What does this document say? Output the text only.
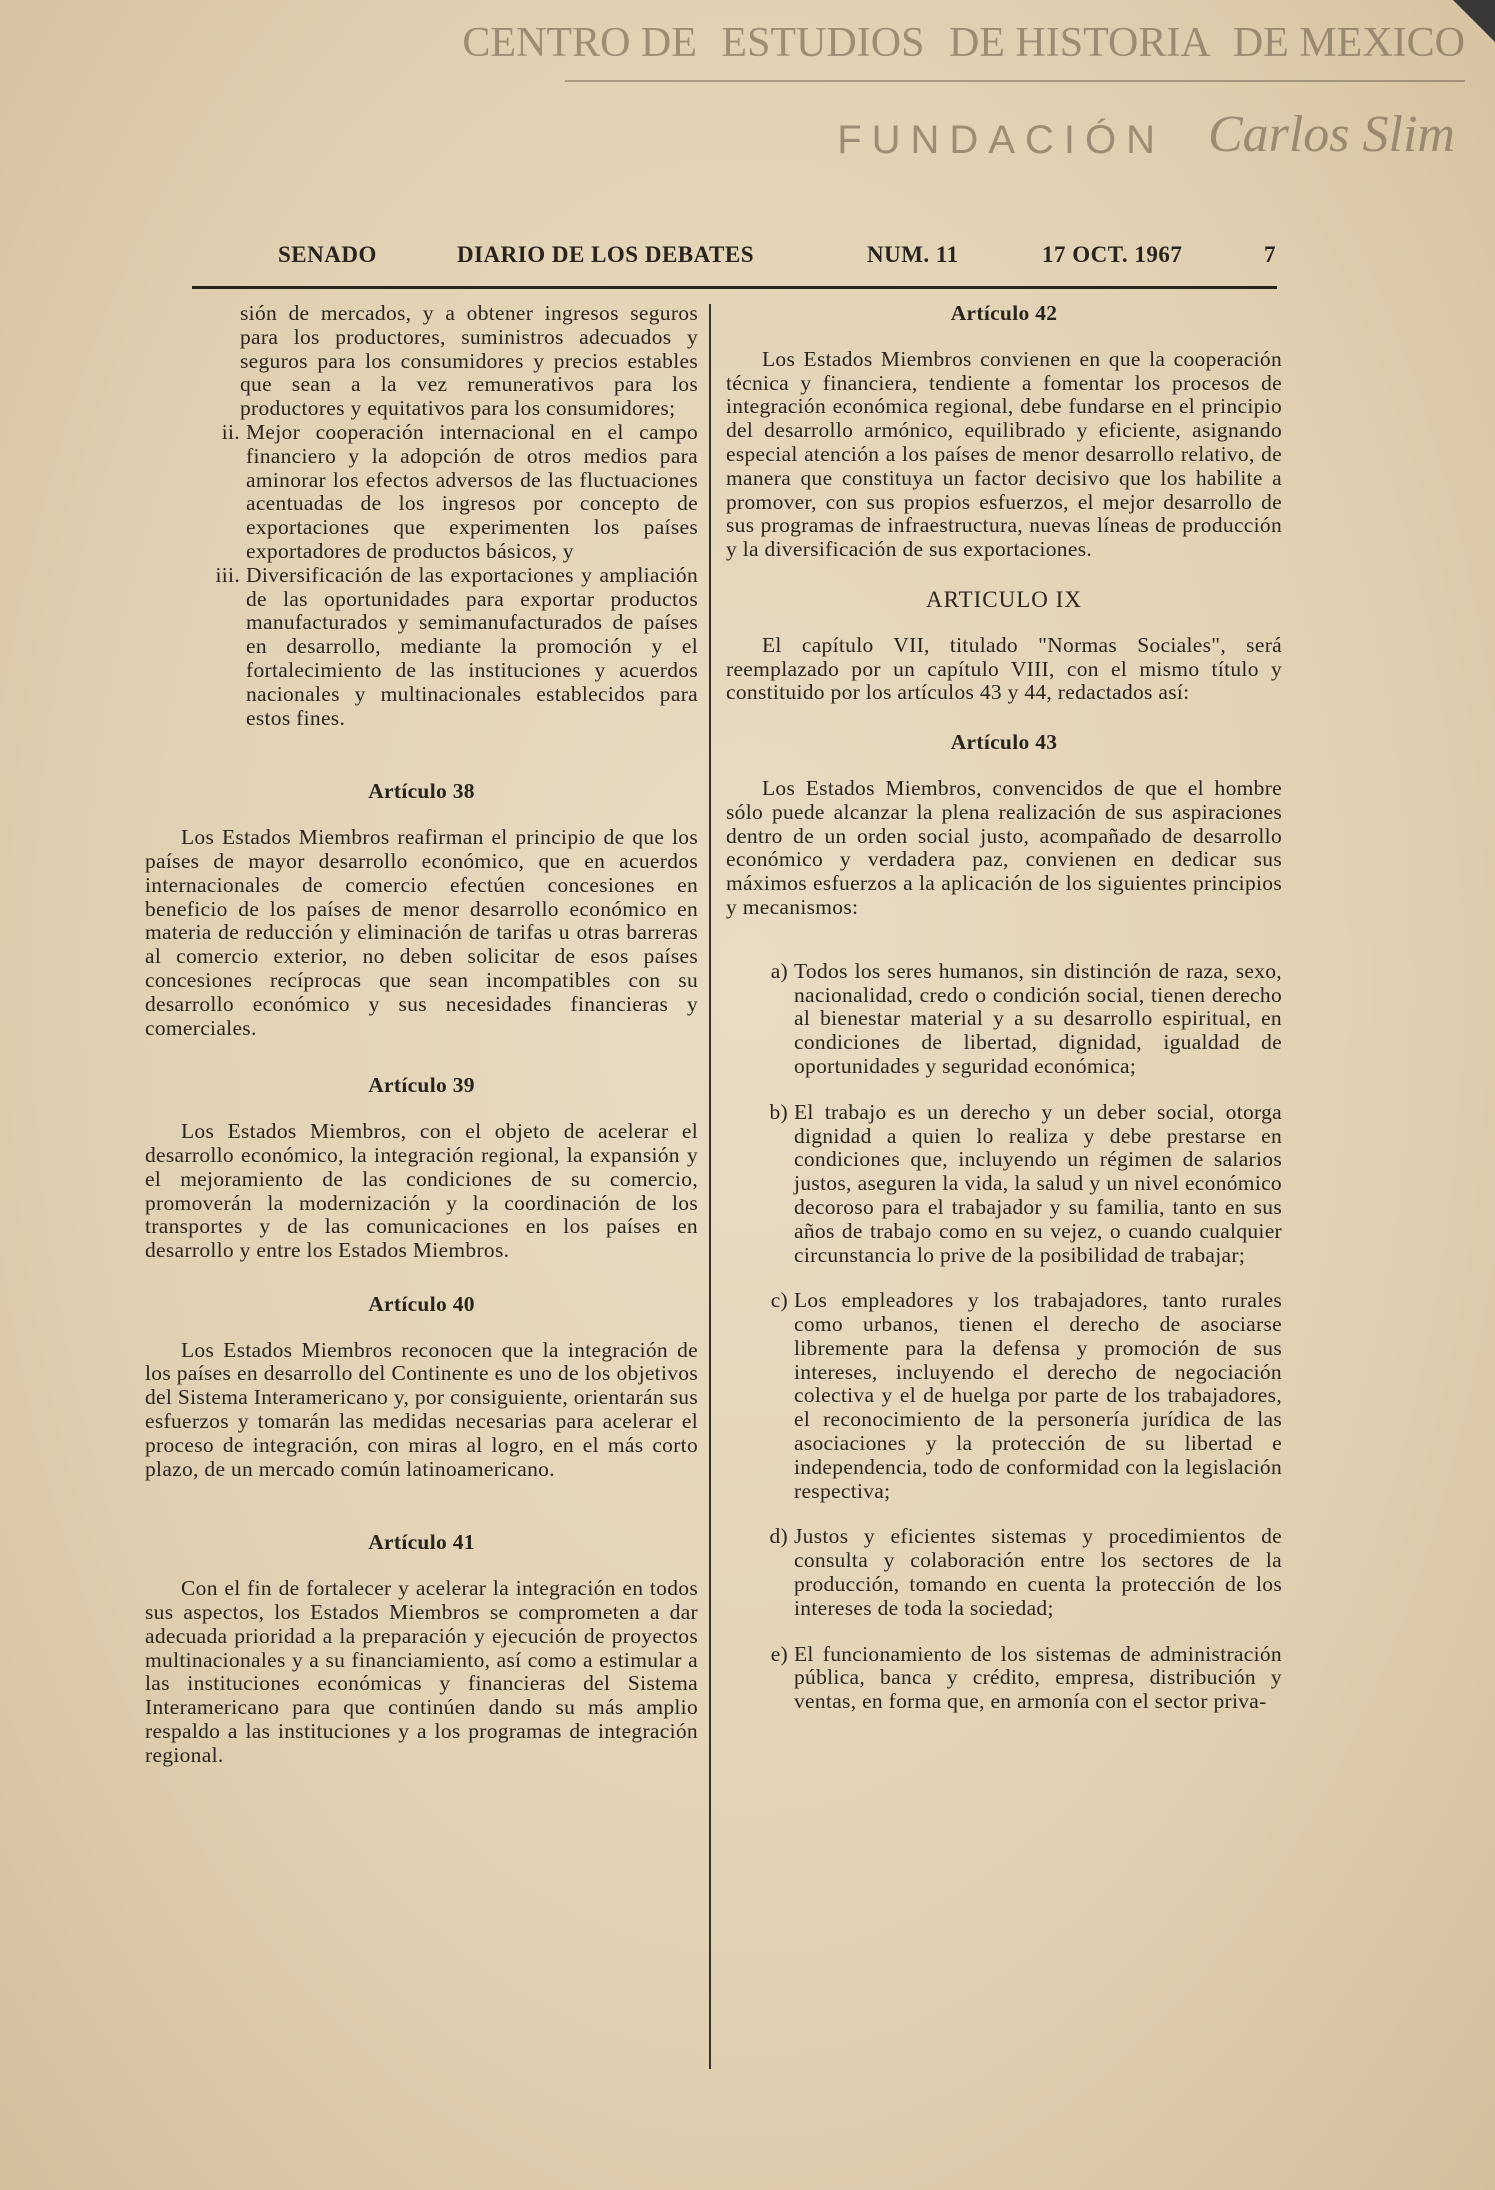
CENTRO DE ESTUDIOS DE HISTORIA DE MEXICO
FUNDACIÓN Carlos Slim
SENADO	DIARIO DE LOS DEBATES	NUM. 11	17 OCT. 1967	7
sión de mercados, y a obtener ingresos seguros para los productores, suministros adecuados y seguros para los consumidores y precios estables que sean a la vez remunerativos para los productores y equitativos para los consumidores;
ii. Mejor cooperación internacional en el campo financiero y la adopción de otros medios para aminorar los efectos adversos de las fluctuaciones acentuadas de los ingresos por concepto de exportaciones que experimenten los países exportadores de productos básicos, y
iii. Diversificación de las exportaciones y ampliación de las oportunidades para exportar productos manufacturados y semimanufacturados de países en desarrollo, mediante la promoción y el fortalecimiento de las instituciones y acuerdos nacionales y multinacionales establecidos para estos fines.
Artículo 38

Los Estados Miembros reafirman el principio de que los países de mayor desarrollo económico, que en acuerdos internacionales de comercio efectúen concesiones en beneficio de los países de menor desarrollo económico en materia de reducción y eliminación de tarifas u otras barreras al comercio exterior, no deben solicitar de esos países concesiones recíprocas que sean incompatibles con su desarrollo económico y sus necesidades financieras y comerciales.

Artículo 39

Los Estados Miembros, con el objeto de acelerar el desarrollo económico, la integración regional, la expansión y el mejoramiento de las condiciones de su comercio, promoverán la modernización y la coordinación de los transportes y de las comunicaciones en los países en desarrollo y entre los Estados Miembros.

Artículo 40

Los Estados Miembros reconocen que la integración de los países en desarrollo del Continente es uno de los objetivos del Sistema Interamericano y, por consiguiente, orientarán sus esfuerzos y tomarán las medidas necesarias para acelerar el proceso de integración, con miras al logro, en el más corto plazo, de un mercado común latinoamericano.

Artículo 41

Con el fin de fortalecer y acelerar la integración en todos sus aspectos, los Estados Miembros se comprometen a dar adecuada prioridad a la preparación y ejecución de proyectos multinacionales y a su financiamiento, así como a estimular a las instituciones económicas y financieras del Sistema Interamericano para que continúen dando su más amplio respaldo a las instituciones y a los programas de integración regional.

Artículo 42

Los Estados Miembros convienen en que la cooperación técnica y financiera, tendiente a fomentar los procesos de integración económica regional, debe fundarse en el principio del desarrollo armónico, equilibrado y eficiente, asignando especial atención a los países de menor desarrollo relativo, de manera que constituya un factor decisivo que los habilite a promover, con sus propios esfuerzos, el mejor desarrollo de sus programas de infraestructura, nuevas líneas de producción y la diversificación de sus exportaciones.

ARTICULO IX

El capítulo VII, titulado "Normas Sociales", será reemplazado por un capítulo VIII, con el mismo título y constituido por los artículos 43 y 44, redactados así:

Artículo 43

Los Estados Miembros, convencidos de que el hombre sólo puede alcanzar la plena realización de sus aspiraciones dentro de un orden social justo, acompañado de desarrollo económico y verdadera paz, convienen en dedicar sus máximos esfuerzos a la aplicación de los siguientes principios y mecanismos:

a) Todos los seres humanos, sin distinción de raza, sexo, nacionalidad, credo o condición social, tienen derecho al bienestar material y a su desarrollo espiritual, en condiciones de libertad, dignidad, igualdad de oportunidades y seguridad económica;
b) El trabajo es un derecho y un deber social, otorga dignidad a quien lo realiza y debe prestarse en condiciones que, incluyendo un régimen de salarios justos, aseguren la vida, la salud y un nivel económico decoroso para el trabajador y su familia, tanto en sus años de trabajo como en su vejez, o cuando cualquier circunstancia lo prive de la posibilidad de trabajar;
c) Los empleadores y los trabajadores, tanto rurales como urbanos, tienen el derecho de asociarse libremente para la defensa y promoción de sus intereses, incluyendo el derecho de negociación colectiva y el de huelga por parte de los trabajadores, el reconocimiento de la personería jurídica de las asociaciones y la protección de su libertad e independencia, todo de conformidad con la legislación respectiva;
d) Justos y eficientes sistemas y procedimientos de consulta y colaboración entre los sectores de la producción, tomando en cuenta la protección de los intereses de toda la sociedad;
e) El funcionamiento de los sistemas de administración pública, banca y crédito, empresa, distribución y ventas, en forma que, en armonía con el sector priva-
